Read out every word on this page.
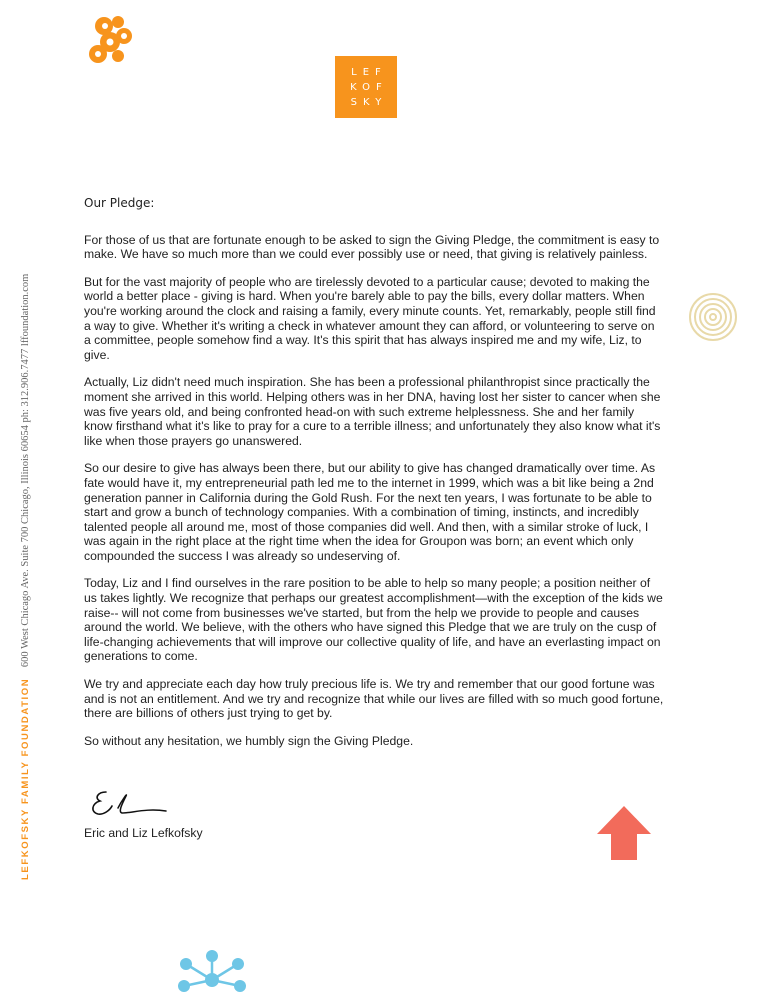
LEF
KOF
SKY
LEFKOFSKY FAMILY FOUNDATION 600 West Chicago Ave. Suite 700 Chicago, Illinois 60654 ph: 312.906.7477 lffoundation.com

Our Pledge:

For those of us that are fortunate enough to be asked to sign the Giving Pledge, the commitment is easy to make. We have so much more than we could ever possibly use or need, that giving is relatively painless.

But for the vast majority of people who are tirelessly devoted to a particular cause; devoted to making the world a better place - giving is hard. When you're barely able to pay the bills, every dollar matters. When you're working around the clock and raising a family, every minute counts. Yet, remarkably, people still find a way to give. Whether it's writing a check in whatever amount they can afford, or volunteering to serve on a committee, people somehow find a way. It's this spirit that has always inspired me and my wife, Liz, to give.

Actually, Liz didn't need much inspiration. She has been a professional philanthropist since practically the moment she arrived in this world. Helping others was in her DNA, having lost her sister to cancer when she was five years old, and being confronted head-on with such extreme helplessness. She and her family know firsthand what it's like to pray for a cure to a terrible illness; and unfortunately they also know what it's like when those prayers go unanswered.

So our desire to give has always been there, but our ability to give has changed dramatically over time. As fate would have it, my entrepreneurial path led me to the internet in 1999, which was a bit like being a 2nd generation panner in California during the Gold Rush. For the next ten years, I was fortunate to be able to start and grow a bunch of technology companies. With a combination of timing, instincts, and incredibly talented people all around me, most of those companies did well. And then, with a similar stroke of luck, I was again in the right place at the right time when the idea for Groupon was born; an event which only compounded the success I was already so undeserving of.

Today, Liz and I find ourselves in the rare position to be able to help so many people; a position neither of us takes lightly. We recognize that perhaps our greatest accomplishment—with the exception of the kids we raise-- will not come from businesses we've started, but from the help we provide to people and causes around the world. We believe, with the others who have signed this Pledge that we are truly on the cusp of life-changing achievements that will improve our collective quality of life, and have an everlasting impact on generations to come.

We try and appreciate each day how truly precious life is. We try and remember that our good fortune was and is not an entitlement. And we try and recognize that while our lives are filled with so much good fortune, there are billions of others just trying to get by.

So without any hesitation, we humbly sign the Giving Pledge.

Eric and Liz Lefkofsky
